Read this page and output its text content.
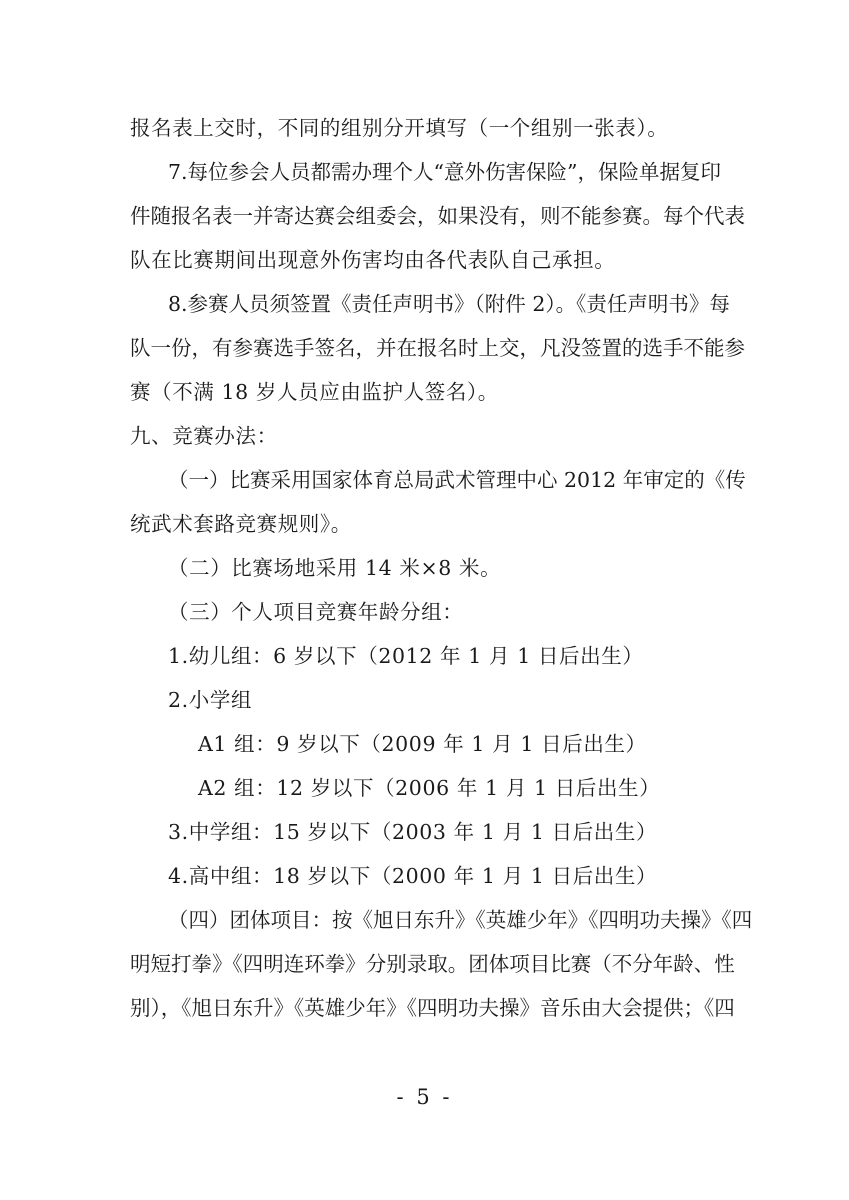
报名表上交时，不同的组别分开填写（一个组别一张表）。
7.每位参会人员都需办理个人“意外伤害保险”，保险单据复印
件随报名表一并寄达赛会组委会，如果没有，则不能参赛。每个代表
队在比赛期间出现意外伤害均由各代表队自己承担。
8.参赛人员须签置《责任声明书》（附件 2）。《责任声明书》每
队一份，有参赛选手签名，并在报名时上交，凡没签置的选手不能参
赛（不满 18 岁人员应由监护人签名）。
九、竞赛办法：
（一）比赛采用国家体育总局武术管理中心 2012 年审定的《传
统武术套路竞赛规则》。
（二）比赛场地采用 14 米×8 米。
（三）个人项目竞赛年龄分组：
1.幼儿组：6 岁以下（2012 年 1 月 1 日后出生）
2.小学组
A1 组：9 岁以下（2009 年 1 月 1 日后出生）
A2 组：12 岁以下（2006 年 1 月 1 日后出生）
3.中学组：15 岁以下（2003 年 1 月 1 日后出生）
4.高中组：18 岁以下（2000 年 1 月 1 日后出生）
（四）团体项目：按《旭日东升》《英雄少年》《四明功夫操》《四
明短打拳》《四明连环拳》分别录取。团体项目比赛（不分年龄、性
别），《旭日东升》《英雄少年》《四明功夫操》音乐由大会提供；《四
- 5 -
